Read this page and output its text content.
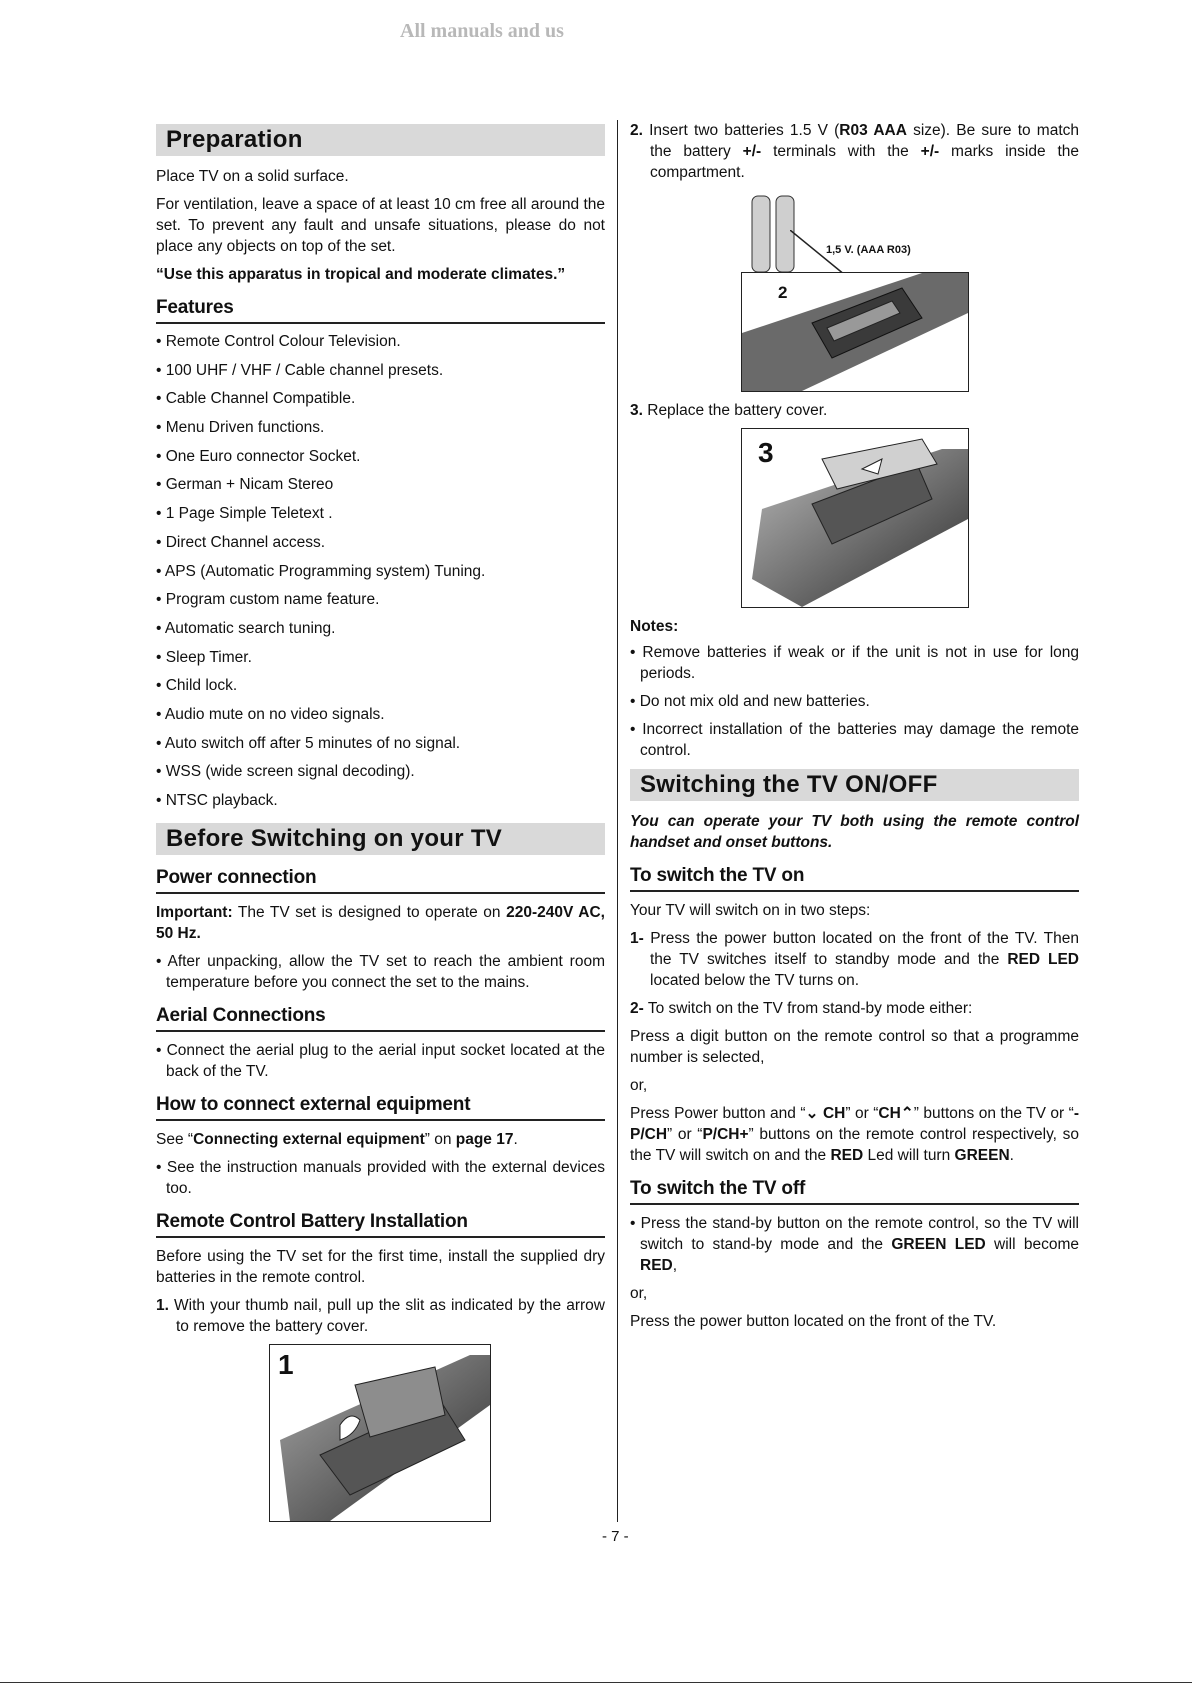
All manuals and us
Preparation

Place TV on a solid surface.

For ventilation, leave a space of at least 10 cm free all around the set. To prevent any fault and unsafe situations, please do not place any objects on top of the set.

“Use this apparatus in tropical and moderate climates.”

Features
• Remote Control Colour Television.
• 100 UHF / VHF / Cable channel presets.
• Cable Channel Compatible.
• Menu Driven functions.
• One Euro connector Socket.
• German + Nicam Stereo
• 1 Page Simple Teletext .
• Direct Channel access.
• APS (Automatic Programming system) Tuning.
• Program custom name feature.
• Automatic search tuning.
• Sleep Timer.
• Child lock.
• Audio mute on no video signals.
• Auto switch off after 5 minutes of no signal.
• WSS (wide screen signal decoding).
• NTSC playback.
Before Switching on your TV
Power connection

Important: The TV set is designed to operate on 220-240V AC, 50 Hz.

• After unpacking, allow the TV set to reach the ambient room temperature before you connect the set to the mains.

Aerial Connections

• Connect the aerial plug to the aerial input socket located at the back of the TV.

How to connect external equipment

See “Connecting external equipment” on page 17.

• See the instruction manuals provided with the external devices too.

Remote Control Battery Installation

Before using the TV set for the first time, install the supplied dry batteries in the remote control.

1. With your thumb nail, pull up the slit as indicated by the arrow to remove the battery cover.

1

2. Insert two batteries 1.5 V (R03 AAA size). Be sure to match the battery +/- terminals with the +/- marks inside the compartment.

1,5 V. (AAA R03)
2

3. Replace the battery cover.

3
Notes:

• Remove batteries if weak or if the unit is not in use for long periods.

• Do not mix old and new batteries.

• Incorrect installation of the batteries may damage the remote control.

Switching the TV ON/OFF

You can operate your TV both using the remote control handset and onset buttons.

To switch the TV on

Your TV will switch on in two steps:

1- Press the power button located on the front of the TV. Then the TV switches itself to standby mode and the RED LED located below the TV turns on.

2- To switch on the TV from stand-by mode either:

Press a digit button on the remote control so that a programme number is selected,

or,

Press Power button and “⌄ CH” or “CH⌃” buttons on the TV or “-P/CH” or “P/CH+” buttons on the remote control respectively, so the TV will switch on and the RED Led will turn GREEN.

To switch the TV off

• Press the stand-by button on the remote control, so the TV will switch to stand-by mode and the GREEN LED will become RED,

or,

Press the power button located on the front of the TV.

- 7 -
